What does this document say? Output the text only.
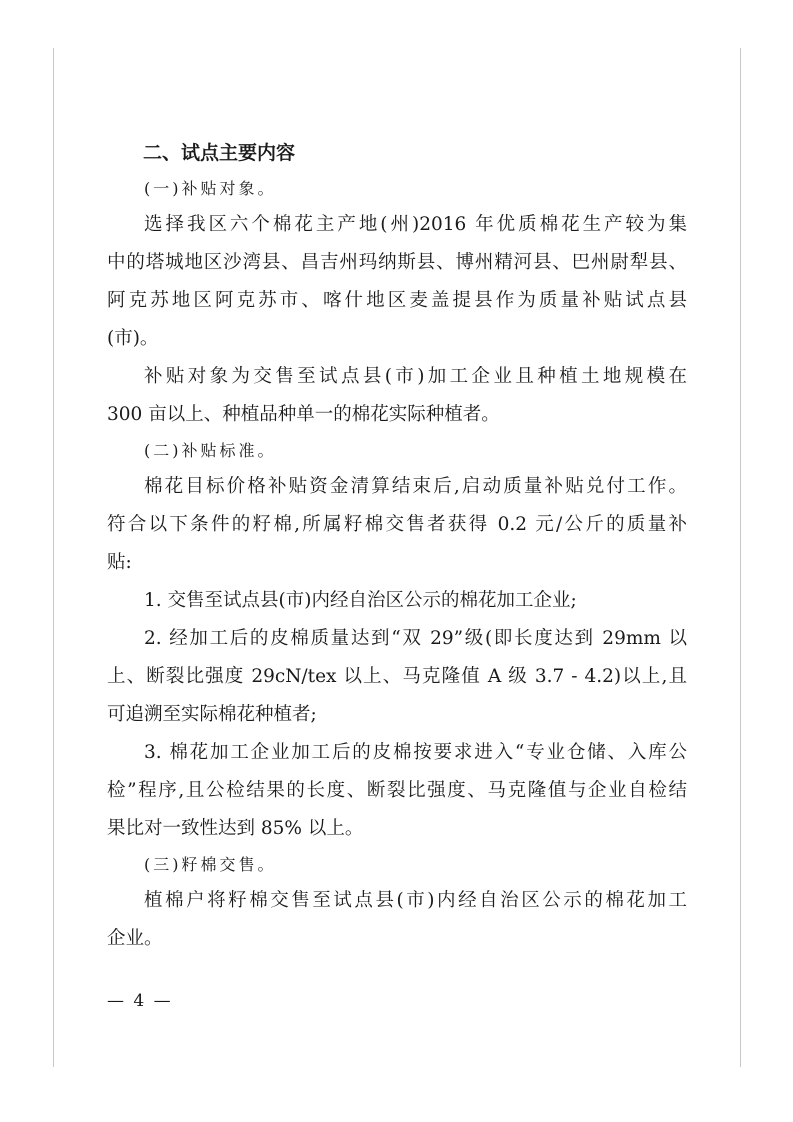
二、试点主要内容
(一)补贴对象。

选择我区六个棉花主产地(州)2016 年优质棉花生产较为集
中的塔城地区沙湾县、昌吉州玛纳斯县、博州精河县、巴州尉犁县、
阿克苏地区阿克苏市、喀什地区麦盖提县作为质量补贴试点县
(市)。

补贴对象为交售至试点县(市)加工企业且种植土地规模在
300 亩以上、种植品种单一的棉花实际种植者。

(二)补贴标准。

棉花目标价格补贴资金清算结束后,启动质量补贴兑付工作。
符合以下条件的籽棉,所属籽棉交售者获得 0.2 元/公斤的质量补
贴:

1. 交售至试点县(市)内经自治区公示的棉花加工企业;

2. 经加工后的皮棉质量达到“双 29”级(即长度达到 29mm 以
上、断裂比强度 29cN/tex 以上、马克隆值 A 级 3.7 - 4.2)以上,且
可追溯至实际棉花种植者;

3. 棉花加工企业加工后的皮棉按要求进入“专业仓储、入库公
检”程序,且公检结果的长度、断裂比强度、马克隆值与企业自检结
果比对一致性达到 85% 以上。

(三)籽棉交售。

植棉户将籽棉交售至试点县(市)内经自治区公示的棉花加工
企业。

— 4 —
